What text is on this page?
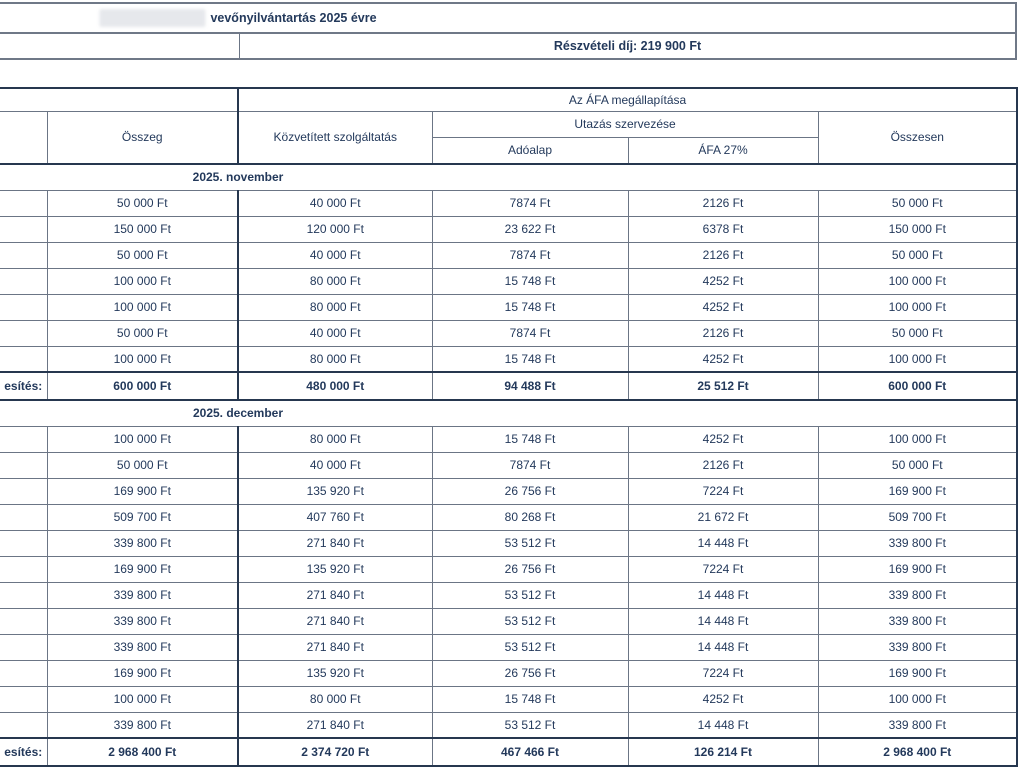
vevőnyilvántartás 2025 évre
Részvételi díj: 219 900 Ft
		Az ÁFA megállapítása			
	Összeg	Közvetített szolgáltatás	Utazás szervezése		Összesen
			Adóalap	ÁFA 27%	

2025. november					

	50 000 Ft	40 000 Ft	7874 Ft	2126 Ft	50 000 Ft
	150 000 Ft	120 000 Ft	23 622 Ft	6378 Ft	150 000 Ft
	50 000 Ft	40 000 Ft	7874 Ft	2126 Ft	50 000 Ft
	100 000 Ft	80 000 Ft	15 748 Ft	4252 Ft	100 000 Ft
	100 000 Ft	80 000 Ft	15 748 Ft	4252 Ft	100 000 Ft
	50 000 Ft	40 000 Ft	7874 Ft	2126 Ft	50 000 Ft
	100 000 Ft	80 000 Ft	15 748 Ft	4252 Ft	100 000 Ft
esítés:	600 000 Ft	480 000 Ft	94 488 Ft	25 512 Ft	600 000 Ft

2025. december					

	100 000 Ft	80 000 Ft	15 748 Ft	4252 Ft	100 000 Ft
	50 000 Ft	40 000 Ft	7874 Ft	2126 Ft	50 000 Ft
	169 900 Ft	135 920 Ft	26 756 Ft	7224 Ft	169 900 Ft
	509 700 Ft	407 760 Ft	80 268 Ft	21 672 Ft	509 700 Ft
	339 800 Ft	271 840 Ft	53 512 Ft	14 448 Ft	339 800 Ft
	169 900 Ft	135 920 Ft	26 756 Ft	7224 Ft	169 900 Ft
	339 800 Ft	271 840 Ft	53 512 Ft	14 448 Ft	339 800 Ft
	339 800 Ft	271 840 Ft	53 512 Ft	14 448 Ft	339 800 Ft
	339 800 Ft	271 840 Ft	53 512 Ft	14 448 Ft	339 800 Ft
	169 900 Ft	135 920 Ft	26 756 Ft	7224 Ft	169 900 Ft
	100 000 Ft	80 000 Ft	15 748 Ft	4252 Ft	100 000 Ft
	339 800 Ft	271 840 Ft	53 512 Ft	14 448 Ft	339 800 Ft
esítés:	2 968 400 Ft	2 374 720 Ft	467 466 Ft	126 214 Ft	2 968 400 Ft
